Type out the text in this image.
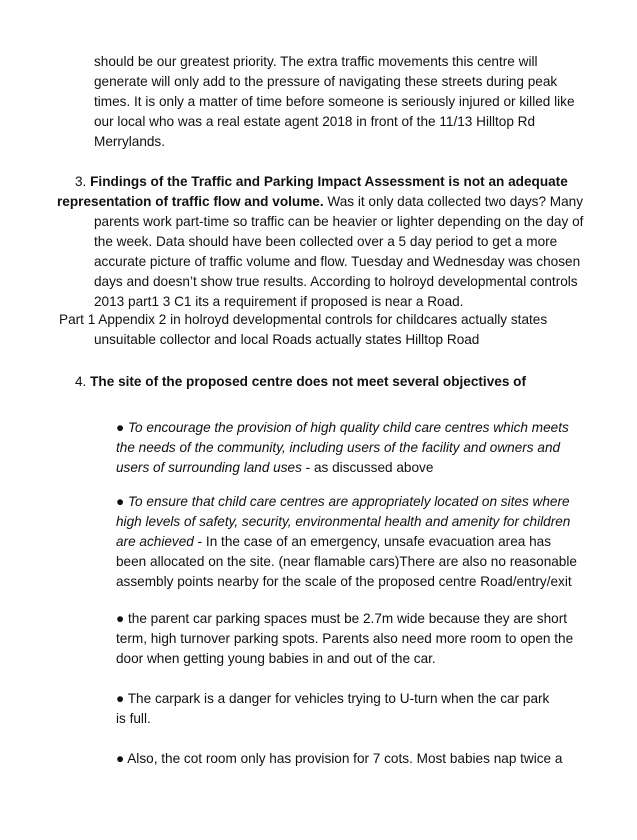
should be our greatest priority. The extra traffic movements this centre will generate will only add to the pressure of navigating these streets during peak times. It is only a matter of time before someone is seriously injured or killed like our local who was a real estate agent 2018 in front of the 11/13 Hilltop Rd Merrylands.

3. Findings of the Traffic and Parking Impact Assessment is not an adequate
representation of traffic flow and volume. Was it only data collected two days? Many
parents work part-time so traffic can be heavier or lighter depending on the day of the week. Data should have been collected over a 5 day period to get a more accurate picture of traffic volume and flow. Tuesday and Wednesday was chosen days and doesn’t show true results. According to holroyd developmental controls 2013 part1 3 C1 its a requirement if proposed is near a Road.
Part 1 Appendix 2 in holroyd developmental controls for childcares actually states
unsuitable collector and local Roads actually states Hilltop Road
4. The site of the proposed centre does not meet several objectives of
● To encourage the provision of high quality child care centres which meets the needs of the community, including users of the facility and owners and users of surrounding land uses - as discussed above
● To ensure that child care centres are appropriately located on sites where high levels of safety, security, environmental health and amenity for children are achieved - In the case of an emergency, unsafe evacuation area has been allocated on the site. (near flamable cars)There are also no reasonable assembly points nearby for the scale of the proposed centre Road/entry/exit
● the parent car parking spaces must be 2.7m wide because they are short term, high turnover parking spots. Parents also need more room to open the door when getting young babies in and out of the car.
● The carpark is a danger for vehicles trying to U-turn when the car park
is full.
● Also, the cot room only has provision for 7 cots. Most babies nap twice a
